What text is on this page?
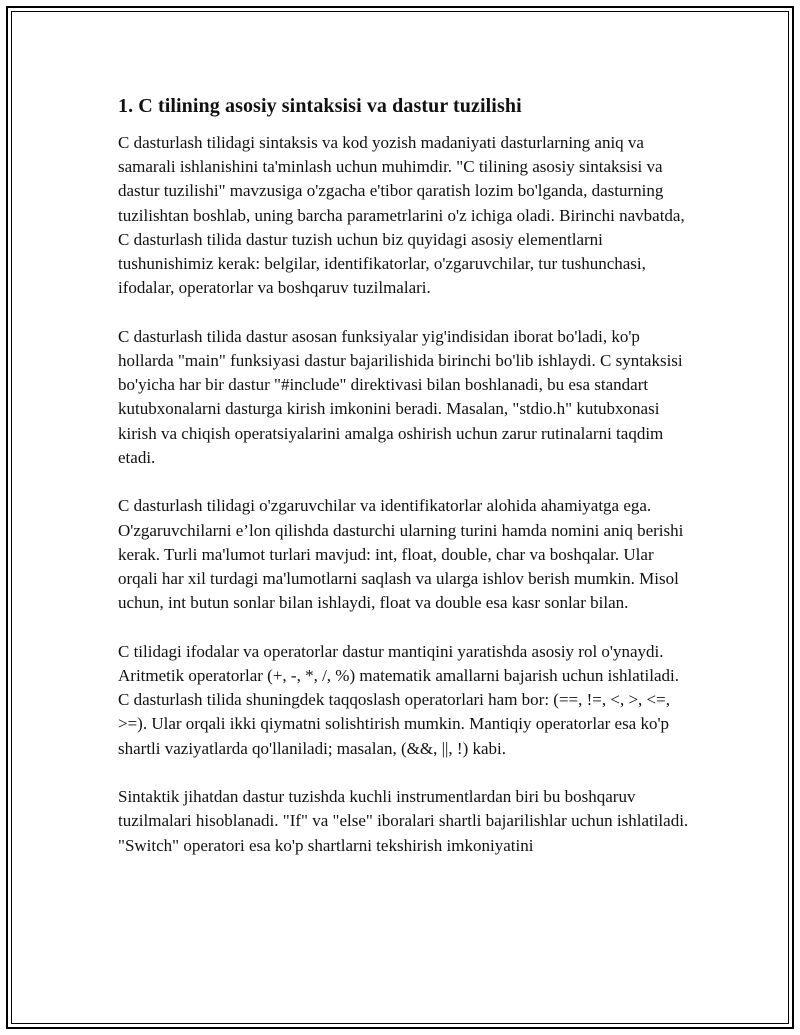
1. C tilining asosiy sintaksisi va dastur tuzilishi

C dasturlash tilidagi sintaksis va kod yozish madaniyati dasturlarning aniq va samarali ishlanishini ta'minlash uchun muhimdir. "C tilining asosiy sintaksisi va dastur tuzilishi" mavzusiga o'zgacha e'tibor qaratish lozim bo'lganda, dasturning tuzilishtan boshlab, uning barcha parametrlarini o'z ichiga oladi. Birinchi navbatda, C dasturlash tilida dastur tuzish uchun biz quyidagi asosiy elementlarni tushunishimiz kerak: belgilar, identifikatorlar, o'zgaruvchilar, tur tushunchasi, ifodalar, operatorlar va boshqaruv tuzilmalari.

C dasturlash tilida dastur asosan funksiyalar yig'indisidan iborat bo'ladi, ko'p hollarda "main" funksiyasi dastur bajarilishida birinchi bo'lib ishlaydi. C syntaksisi bo'yicha har bir dastur "#include" direktivasi bilan boshlanadi, bu esa standart kutubxonalarni dasturga kirish imkonini beradi. Masalan, "stdio.h" kutubxonasi kirish va chiqish operatsiyalarini amalga oshirish uchun zarur rutinalarni taqdim etadi.

C dasturlash tilidagi o'zgaruvchilar va identifikatorlar alohida ahamiyatga ega. O'zgaruvchilarni e’lon qilishda dasturchi ularning turini hamda nomini aniq berishi kerak. Turli ma'lumot turlari mavjud: int, float, double, char va boshqalar. Ular orqali har xil turdagi ma'lumotlarni saqlash va ularga ishlov berish mumkin. Misol uchun, int butun sonlar bilan ishlaydi, float va double esa kasr sonlar bilan.

C tilidagi ifodalar va operatorlar dastur mantiqini yaratishda asosiy rol o'ynaydi. Aritmetik operatorlar (+, -, *, /, %) matematik amallarni bajarish uchun ishlatiladi. C dasturlash tilida shuningdek taqqoslash operatorlari ham bor: (==, !=, <, >, <=, >=). Ular orqali ikki qiymatni solishtirish mumkin. Mantiqiy operatorlar esa ko'p shartli vaziyatlarda qo'llaniladi; masalan, (&&, ||, !) kabi.

Sintaktik jihatdan dastur tuzishda kuchli instrumentlardan biri bu boshqaruv tuzilmalari hisoblanadi. "If" va "else" iboralari shartli bajarilishlar uchun ishlatiladi. "Switch" operatori esa ko'p shartlarni tekshirish imkoniyatini
